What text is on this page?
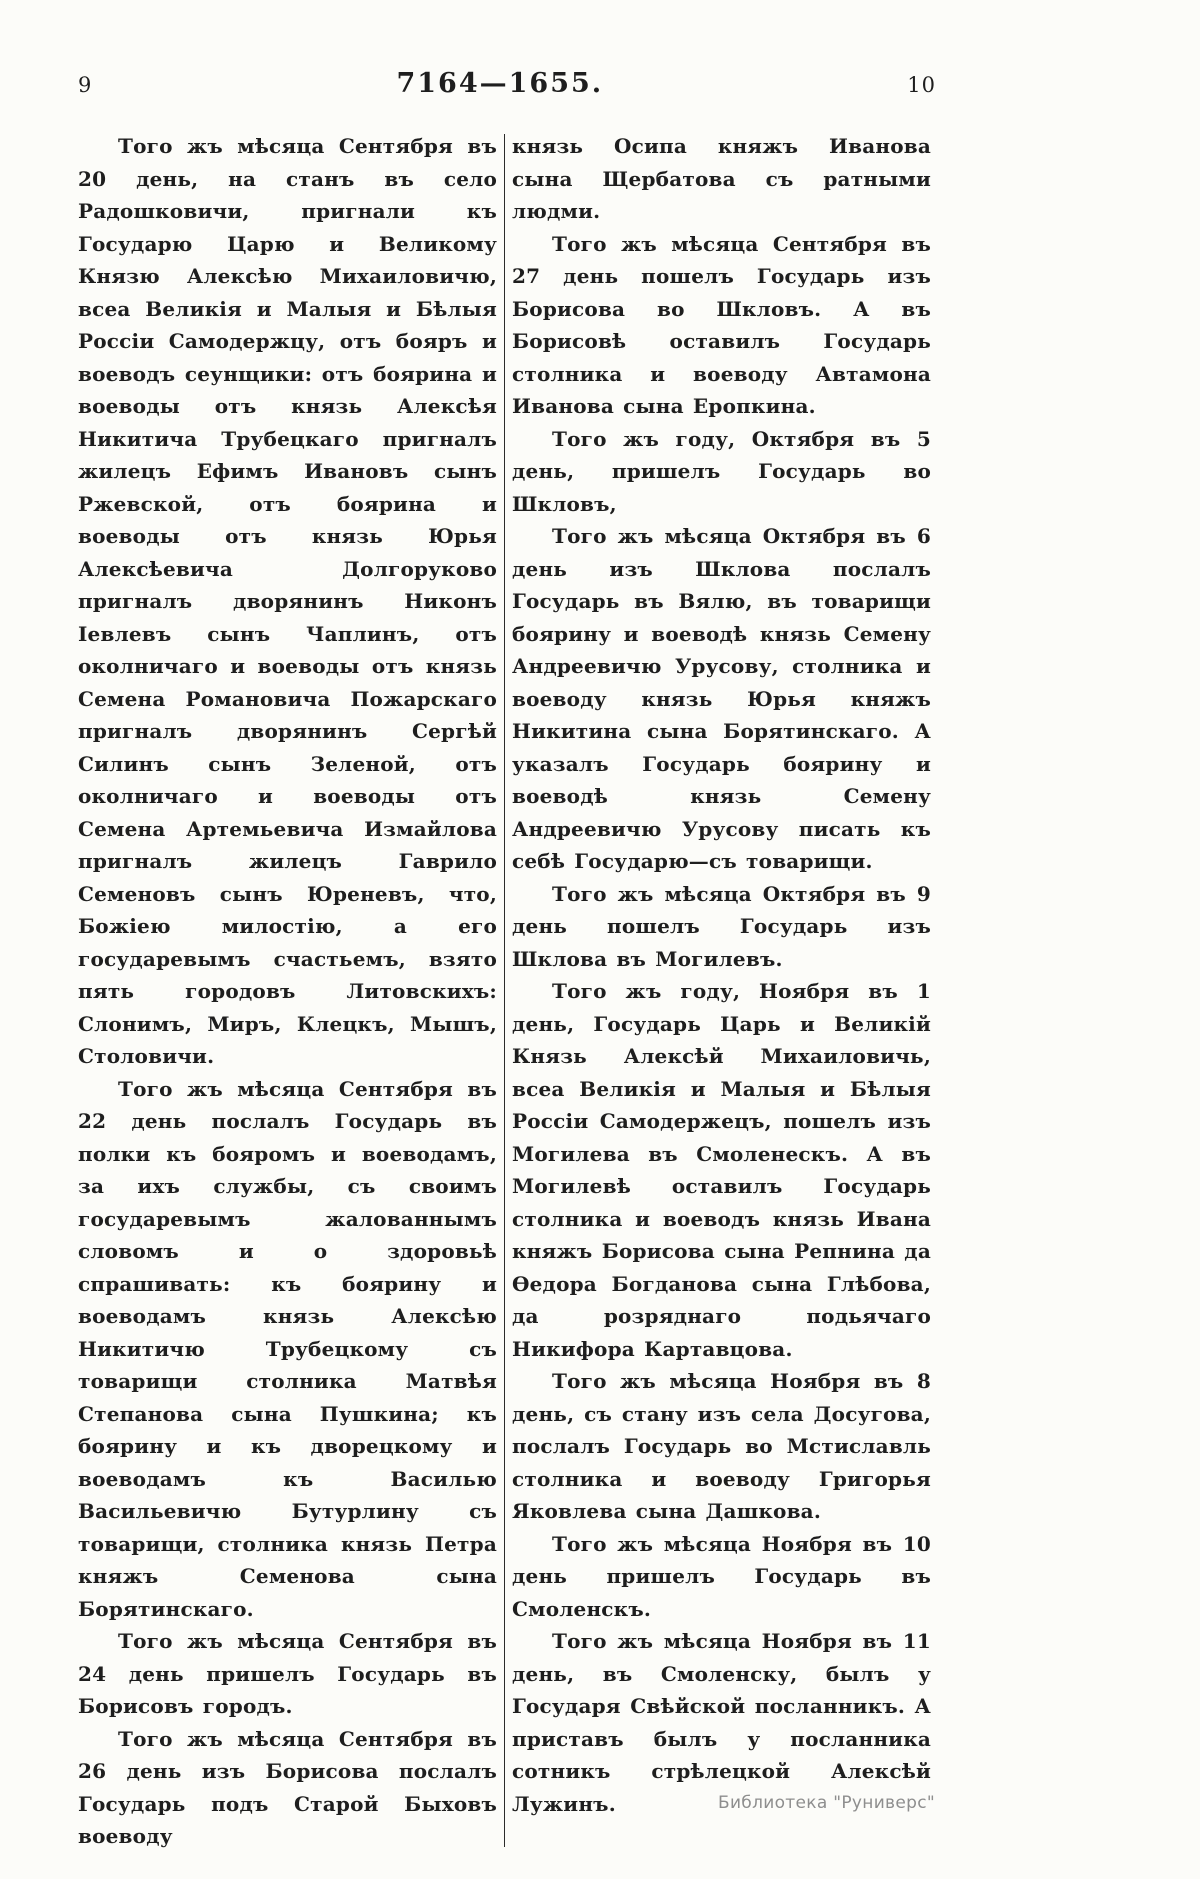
9	7164—1655.	10

Того жъ мѣсяца Сентября въ 20 день, на станъ въ село Радошковичи, пригнали къ Государю Царю и Великому Князю Алексѣю Михаиловичю, всеа Великія и Малыя и Бѣлыя Россіи Самодержцу, отъ бояръ и воеводъ сеунщики: отъ боярина и воеводы отъ князь Алексѣя Никитича Трубецкаго пригналъ жилецъ Ефимъ Ивановъ сынъ Ржевской, отъ боярина и воеводы отъ князь Юрья Алексѣевича Долгоруково пригналъ дворянинъ Никонъ Іевлевъ сынъ Чаплинъ, отъ околничаго и воеводы отъ князь Семена Романовича Пожарскаго пригналъ дворянинъ Сергѣй Силинъ сынъ Зеленой, отъ околничаго и воеводы отъ Семена Артемьевича Измайлова пригналъ жилецъ Гаврило Семеновъ сынъ Юреневъ, что, Божіею милостію, а его государевымъ счастьемъ, взято пять городовъ Литовскихъ: Слонимъ, Миръ, Клецкъ, Мышъ, Столовичи.

Того жъ мѣсяца Сентября въ 22 день послалъ Государь въ полки къ бояромъ и воеводамъ, за ихъ службы, съ своимъ государевымъ жалованнымъ словомъ и о здоровьѣ спрашивать: къ боярину и воеводамъ князь Алексѣю Никитичю Трубецкому съ товарищи столника Матвѣя Степанова сына Пушкина; къ боярину и къ дворецкому и воеводамъ къ Василью Васильевичю Бутурлину съ товарищи, столника князь Петра княжъ Семенова сына Борятинскаго.

Того жъ мѣсяца Сентября въ 24 день пришелъ Государь въ Борисовъ городъ.

Того жъ мѣсяца Сентября въ 26 день изъ Борисова послалъ Государь подъ Старой Быховъ воеводу

князь Осипа княжъ Иванова сына Щербатова съ ратными людми.

Того жъ мѣсяца Сентября въ 27 день пошелъ Государь изъ Борисова во Шкловъ. А въ Борисовѣ оставилъ Государь столника и воеводу Автамона Иванова сына Еропкина.

Того жъ году, Октября въ 5 день, пришелъ Государь во Шкловъ,

Того жъ мѣсяца Октября въ 6 день изъ Шклова послалъ Государь въ Вялю, въ товарищи боярину и воеводѣ князь Семену Андреевичю Урусову, столника и воеводу князь Юрья княжъ Никитина сына Борятинскаго. А указалъ Государь боярину и воеводѣ князь Семену Андреевичю Урусову писать къ себѣ Государю—съ товарищи.

Того жъ мѣсяца Октября въ 9 день пошелъ Государь изъ Шклова въ Могилевъ.

Того жъ году, Ноября въ 1 день, Государь Царь и Великій Князь Алексѣй Михаиловичь, всеа Великія и Малыя и Бѣлыя Россіи Самодержецъ, пошелъ изъ Могилева въ Смоленескъ. А въ Могилевѣ оставилъ Государь столника и воеводъ князь Ивана княжъ Борисова сына Репнина да Ѳедора Богданова сына Глѣбова, да розряднаго подьячаго Никифора Картавцова.

Того жъ мѣсяца Ноября въ 8 день, съ стану изъ села Досугова, послалъ Государь во Мстиславль столника и воеводу Григорья Яковлева сына Дашкова.

Того жъ мѣсяца Ноября въ 10 день пришелъ Государь въ Смоленскъ.

Того жъ мѣсяца Ноября въ 11 день, въ Смоленску, былъ у Государя Свѣйской посланникъ. А приставъ былъ у посланника сотникъ стрѣлецкой Алексѣй Лужинъ.	Библиотека "Руниверс"
